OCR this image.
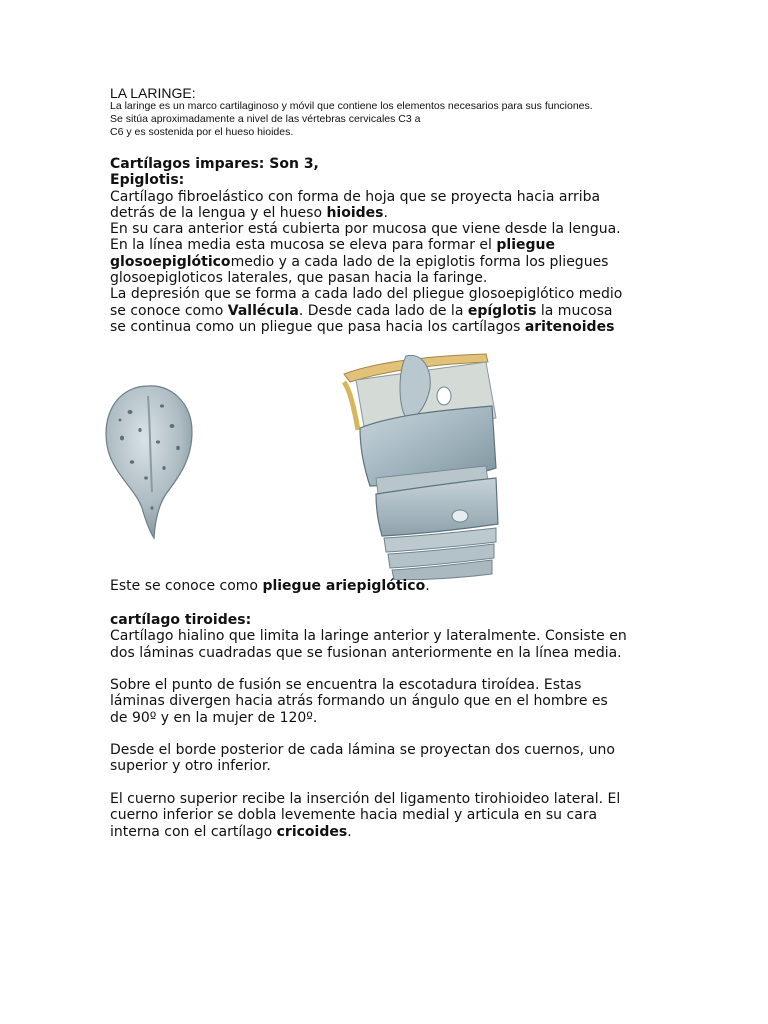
LA LARINGE:
La laringe es un marco cartilaginoso y móvil que contiene los elementos necesarios para sus funciones.
Se sitúa aproximadamente a nivel de las vértebras cervicales C3 a
C6 y es sostenida por el hueso hioides.
Cartílagos impares: Son 3,
Epiglotis:
Cartílago fibroelástico con forma de hoja que se proyecta hacia arriba
detrás de la lengua y el hueso hioides.
En su cara anterior está cubierta por mucosa que viene desde la lengua.
En la línea media esta mucosa se eleva para formar el pliegue
glosoepiglóticomedio y a cada lado de la epiglotis forma los pliegues
glosoepigloticos laterales, que pasan hacia la faringe.
La depresión que se forma a cada lado del pliegue glosoepiglótico medio
se conoce como Vallécula. Desde cada lado de la epíglotis la mucosa
se continua como un pliegue que pasa hacia los cartílagos aritenoides
Este se conoce como pliegue ariepiglótico.
cartílago tiroides:
Cartílago hialino que limita la laringe anterior y lateralmente. Consiste en
dos láminas cuadradas que se fusionan anteriormente en la línea media.
Sobre el punto de fusión se encuentra la escotadura tiroídea. Estas
láminas divergen hacia atrás formando un ángulo que en el hombre es
de 90º y en la mujer de 120º.
Desde el borde posterior de cada lámina se proyectan dos cuernos, uno
superior y otro inferior.
El cuerno superior recibe la inserción del ligamento tirohioideo lateral. El
cuerno inferior se dobla levemente hacia medial y articula en su cara
interna con el cartílago cricoides.
